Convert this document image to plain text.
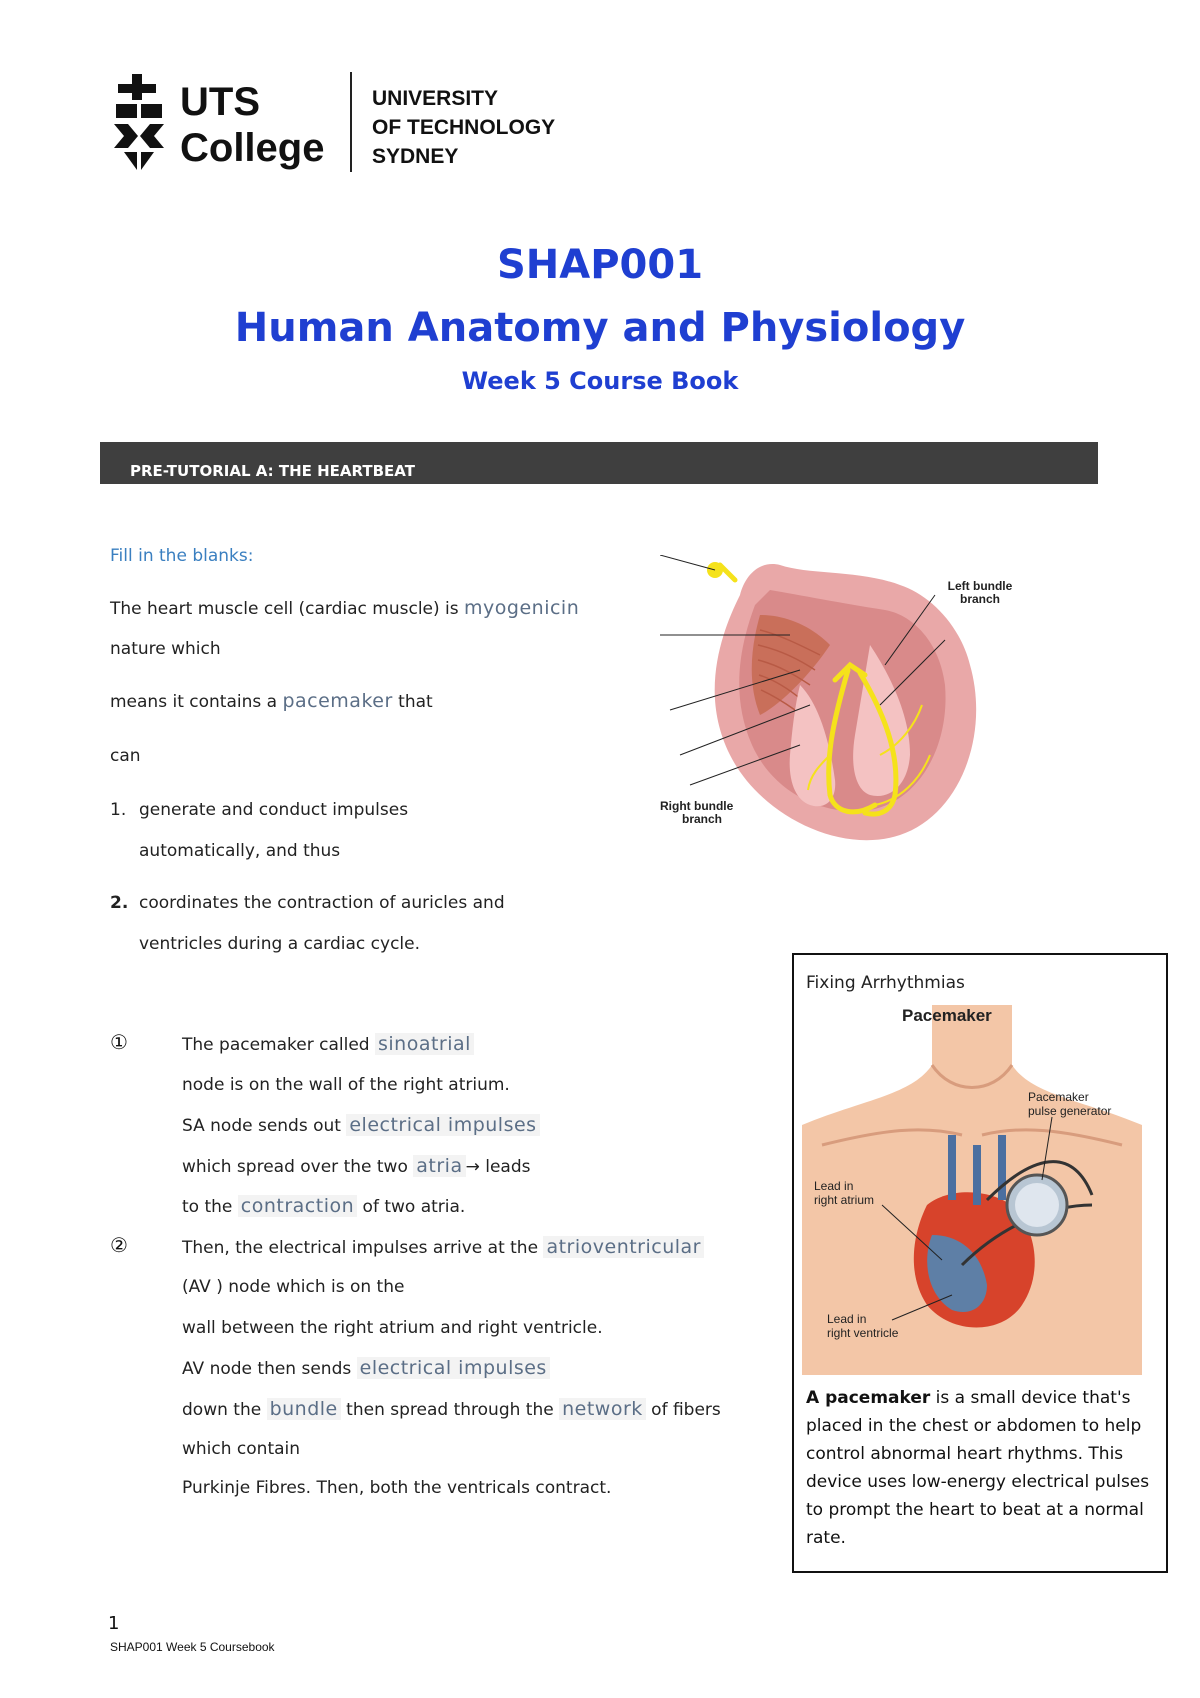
UTS
College
UNIVERSITY
OF TECHNOLOGY
SYDNEY
SHAP001
Human Anatomy and Physiology
Week 5 Course Book
PRE-TUTORIAL A: THE HEARTBEAT
Fill in the blanks:
The heart muscle cell (cardiac muscle) is myogenicin
nature which
means it contains a pacemaker that
can
1. generate and conduct impulses
automatically, and thus
2. coordinates the contraction of auricles and
ventricles during a cardiac cycle.
Left bundle
branch
Right bundle
branch
①	The pacemaker called sinoatrial
node is on the wall of the right atrium.
SA node sends out electrical impulses
which spread over the two atria → leads
to the contraction of two atria.
②	Then, the electrical impulses arrive at the atrioventricular
(AV ) node which is on the
wall between the right atrium and right ventricle.
AV node then sends electrical impulses
down the bundle then spread through the network of fibers
which contain
Purkinje Fibres. Then, both the ventricals contract.
Fixing Arrhythmias
Pacemaker
Pacemaker
pulse generator
Lead in
right atrium
Lead in
right ventricle
A pacemaker is a small device that's placed in the chest or abdomen to help control abnormal heart rhythms. This device uses low-energy electrical pulses to prompt the heart to beat at a normal rate.
1
SHAP001 Week 5 Coursebook
